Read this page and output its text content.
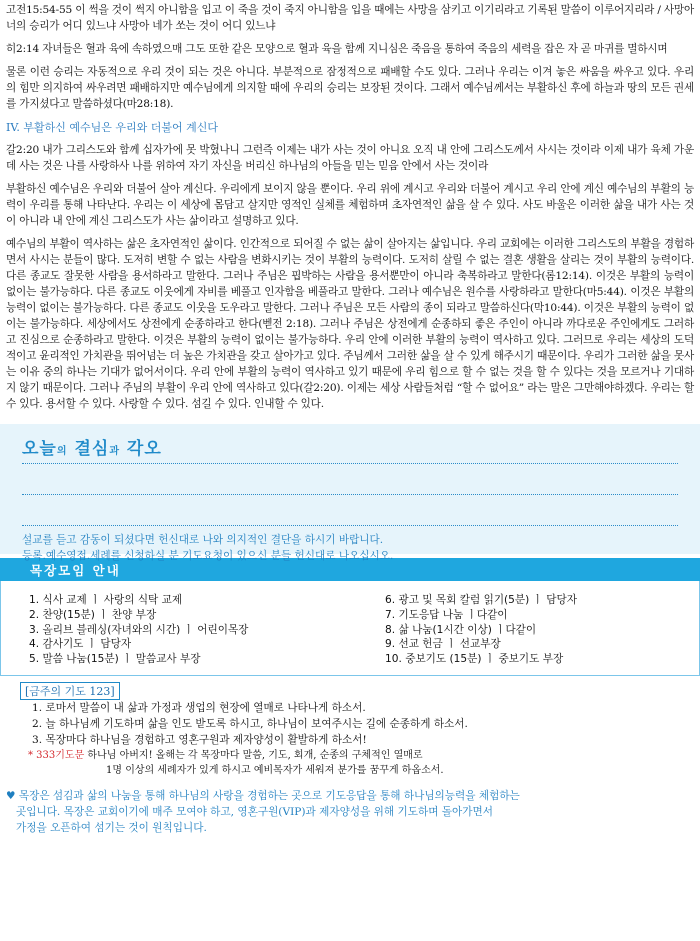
고전15:54-55 이 썩을 것이 썩지 아니함을 입고 이 죽을 것이 죽지 아니함을 입을 때에는 사망을 삼키고 이기리라고 기록된 말씀이 이루어지리라 / 사망아 너의 승리가 어디 있느냐 사망아 네가 쏘는 것이 어디 있느냐

히2:14 자녀들은 혈과 육에 속하였으매 그도 또한 같은 모양으로 혈과 육을 함께 지니심은 죽음을 통하여 죽음의 세력을 잡은 자 곧 마귀를 멸하시며

물론 이런 승리는 자동적으로 우리 것이 되는 것은 아니다. 부분적으로 잠정적으로 패배할 수도 있다. 그러나 우리는 이겨 놓은 싸움을 싸우고 있다. 우리의 힘만 의지하여 싸우려면 패배하지만 예수님에게 의지할 때에 우리의 승리는 보장된 것이다. 그래서 예수님께서는 부활하신 후에 하늘과 땅의 모든 권세를 가지셨다고 말씀하셨다(마28:18).

IV. 부활하신 예수님은 우리와 더불어 계신다

갈2:20 내가 그리스도와 함께 십자가에 못 박혔나니 그런즉 이제는 내가 사는 것이 아니요 오직 내 안에 그리스도께서 사시는 것이라 이제 내가 육체 가운데 사는 것은 나를 사랑하사 나를 위하여 자기 자신을 버리신 하나님의 아들을 믿는 믿음 안에서 사는 것이라

부활하신 예수님은 우리와 더불어 살아 계신다. 우리에게 보이지 않을 뿐이다. 우리 위에 계시고 우리와 더불어 계시고 우리 안에 계신 예수님의 부활의 능력이 우리를 통해 나타난다. 우리는 이 세상에 몸담고 살지만 영적인 실체를 체험하며 초자연적인 삶을 살 수 있다. 사도 바울은 이러한 삶을 내가 사는 것이 아니라 내 안에 계신 그리스도가 사는 삶이라고 설명하고 있다.

예수님의 부활이 역사하는 삶은 초자연적인 삶이다. 인간적으로 되어질 수 없는 삶이 살아지는 삶입니다. 우리 교회에는 이러한 그리스도의 부활을 경험하면서 사시는 분들이 많다. 도저히 변할 수 없는 사람을 변화시키는 것이 부활의 능력이다. 도저히 살릴 수 없는 결혼 생활을 살리는 것이 부활의 능력이다. 다른 종교도 잘못한 사람을 용서하라고 말한다. 그러나 주님은 핍박하는 사람을 용서뿐만이 아니라 축복하라고 말한다(롬12:14). 이것은 부활의 능력이 없이는 불가능하다. 다른 종교도 이웃에게 자비를 베풀고 인자함을 베풀라고 말한다. 그러나 예수님은 원수를 사랑하라고 말한다(마5:44). 이것은 부활의 능력이 없이는 불가능하다. 다른 종교도 이웃을 도우라고 말한다. 그러나 주님은 모든 사람의 종이 되라고 말씀하신다(막10:44). 이것은 부활의 능력이 없이는 불가능하다. 세상에서도 상전에게 순종하라고 한다(벧전 2:18). 그러나 주님은 상전에게 순종하되 좋은 주인이 아니라 까다로운 주인에게도 그러하고 진심으로 순종하라고 말한다. 이것은 부활의 능력이 없이는 불가능하다. 우리 안에 이러한 부활의 능력이 역사하고 있다. 그러므로 우리는 세상의 도덕적이고 윤리적인 가치관을 뛰어넘는 더 높은 가치관을 갖고 살아가고 있다. 주님께서 그러한 삶을 살 수 있게 해주시기 때문이다. 우리가 그러한 삶을 못사는 이유 중의 하나는 기대가 없어서이다. 우리 안에 부활의 능력이 역사하고 있기 때문에 우리 힘으로 할 수 없는 것을 할 수 있다는 것을 모르거나 기대하지 않기 때문이다. 그러나 주님의 부활이 우리 안에 역사하고 있다(갈2:20). 이제는 세상 사람들처럼 “할 수 없어요” 라는 말은 그만해야하겠다. 우리는 할 수 있다. 용서할 수 있다. 사랑할 수 있다. 섬길 수 있다. 인내할 수 있다.

오늘의 결심과 각오
설교를 듣고 감동이 되셨다면 헌신대로 나와 의지적인 결단을 하시기 바랍니다.
등록.예수영접.세례를 신청하실 분 기도요청이 있으신 분들 헌신대로 나오십시오.
목장모임 안내
1. 식사 교제 ㅣ 사랑의 식탁 교제
2. 찬양(15분) ㅣ 찬양 부장
3. 올리브 블레싱(자녀와의 시간) ㅣ 어린이목장
4. 감사기도 ㅣ 담당자
5. 말씀 나눔(15분) ㅣ 말씀교사 부장
6. 광고 및 목회 칼럼 읽기(5분) ㅣ 담당자
7. 기도응답 나눔 ㅣ다같이
8. 삶 나눔(1시간 이상) ㅣ다같이
9. 선교 헌금 ㅣ 선교부장
10. 중보기도 (15분) ㅣ 중보기도 부장
[금주의 기도 123]
1. 로마서 말씀이 내 삶과 가정과 생업의 현장에 열매로 나타나게 하소서.
2. 늘 하나님께 기도하며 삶을 인도 받도록 하시고, 하나님이 보여주시는 길에 순종하게 하소서.
3. 목장마다 하나님을 경험하고 영혼구원과 제자양성이 활발하게 하소서!
* 333기도문 하나님 아버지! 올해는 각 목장마다 말씀, 기도, 회개, 순종의 구체적인 열매로
1명 이상의 세례자가 있게 하시고 예비목자가 세워져 분가를 꿈꾸게 하옵소서.
♥ 목장은 섬김과 삶의 나눔을 통해 하나님의 사랑을 경험하는 곳으로 기도응답을 통해 하나님의능력을 체험하는
곳입니다. 목장은 교회이기에 매주 모여야 하고, 영혼구원(VIP)과 제자양성을 위해 기도하며 돌아가면서
가정을 오픈하여 섬기는 것이 원칙입니다.
